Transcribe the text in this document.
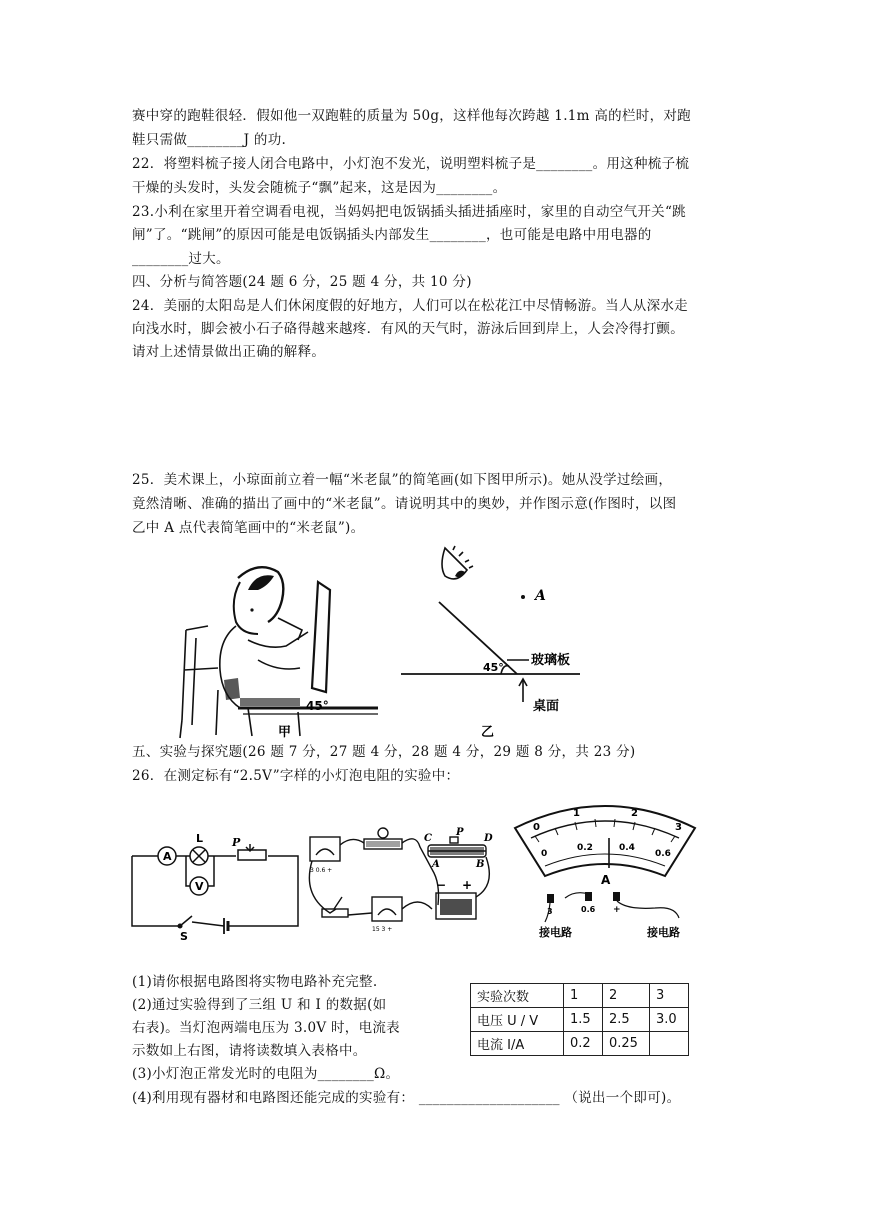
赛中穿的跑鞋很轻．假如他一双跑鞋的质量为 50g，这样他每次跨越 1.1m 高的栏时，对跑
鞋只需做________J 的功.
22．将塑料梳子接人闭合电路中，小灯泡不发光，说明塑料梳子是________。用这种梳子梳
干燥的头发时，头发会随梳子“飘”起来，这是因为________。
23.小利在家里开着空调看电视，当妈妈把电饭锅插头插进插座时，家里的自动空气开关“跳
闸”了。“跳闸”的原因可能是电饭锅插头内部发生________，也可能是电路中用电器的
________过大。
四、分析与简答题(24 题 6 分，25 题 4 分，共 10 分)
24．美丽的太阳岛是人们休闲度假的好地方，人们可以在松花江中尽情畅游。当人从深水走
向浅水时，脚会被小石子硌得越来越疼．有风的天气时，游泳后回到岸上，人会冷得打颤。
请对上述情景做出正确的解释。
25．美术课上，小琼面前立着一幅“米老鼠”的简笔画(如下图甲所示)。她从没学过绘画，
竟然清晰、准确的描出了画中的“米老鼠”。请说明其中的奥妙，并作图示意(作图时，以图
乙中 A 点代表简笔画中的“米老鼠”)。
45°
甲
A
45° 玻璃板
桌面
乙
五、实验与探究题(26 题 7 分，27 题 4 分，28 题 4 分，29 题 8 分，共 23 分)
26．在测定标有“2.5V”字样的小灯泡电阻的实验中：
A
L
V
P
S
3 0.6 +
15 3 +
C
P
D
A	B
− +
0
1	2
3
0
0.2	0.4
0.6
A
3	0.6 +
接电路	接电路
(1)请你根据电路图将实物电路补充完整.
(2)通过实验得到了三组 U 和 I 的数据(如
右表)。当灯泡两端电压为 3.0V 时，电流表
示数如上右图，请将读数填入表格中。
(3)小灯泡正常发光时的电阻为________Ω。
(4)利用现有器材和电路图还能完成的实验有： ____________________ （说出一个即可)。
实验次数	1	2	3
电压 U / V	1.5	2.5	3.0
电流 I/A	0.2	0.25	
